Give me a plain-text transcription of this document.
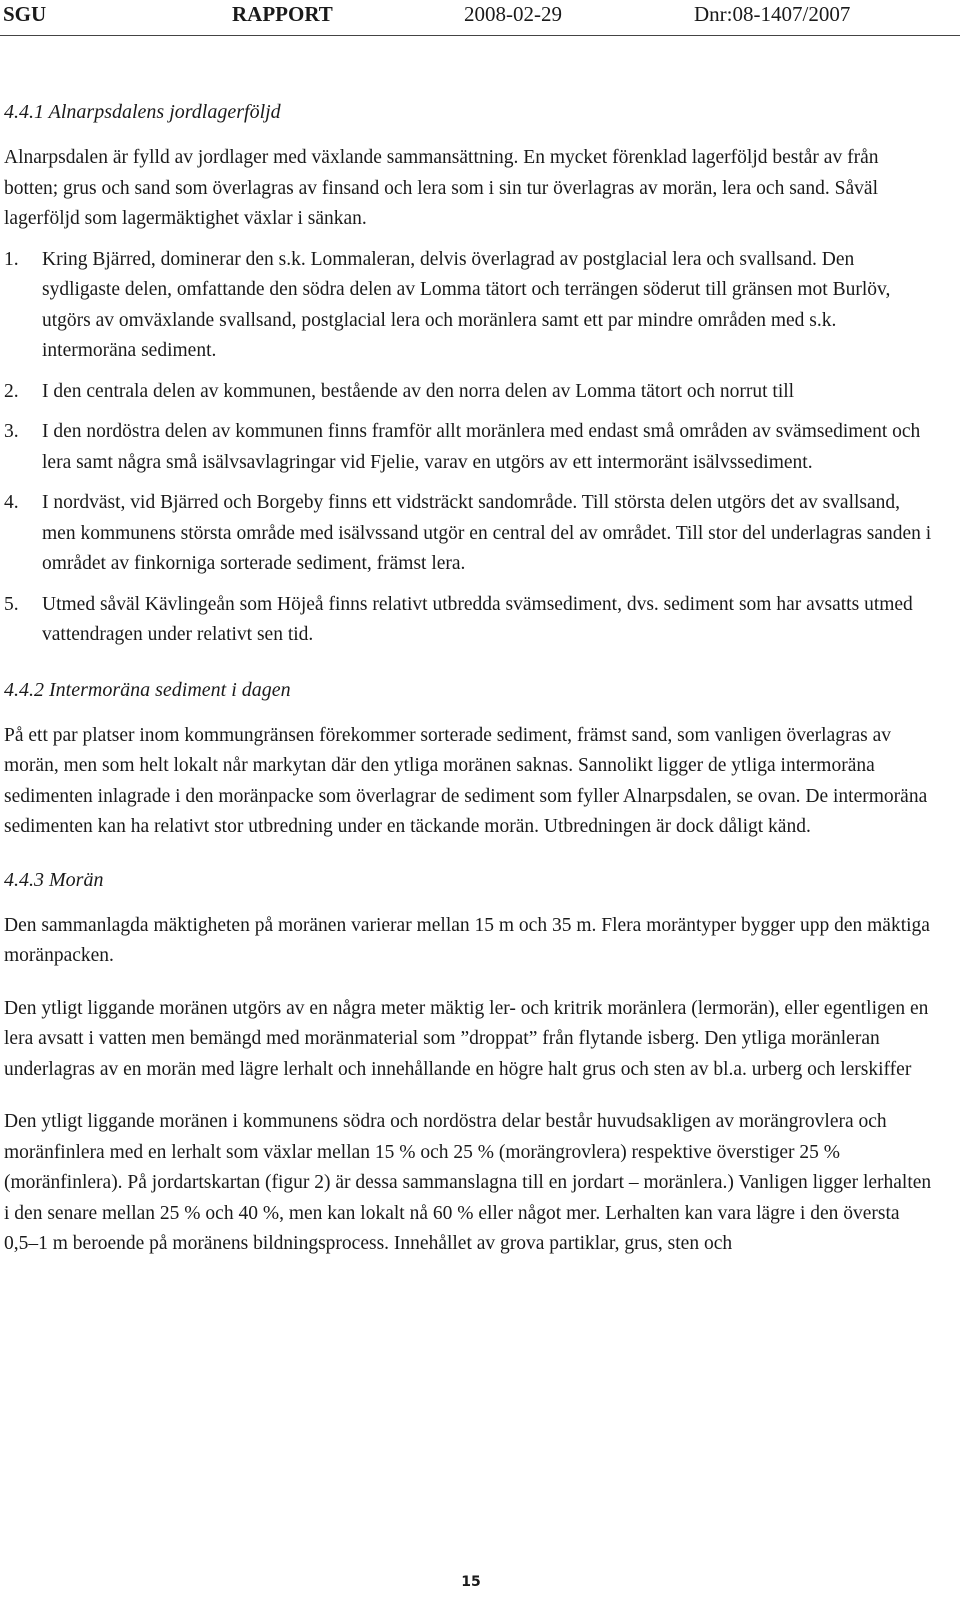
SGU	RAPPORT	2008-02-29	Dnr:08-1407/2007
4.4.1 Alnarpsdalens jordlagerföljd

Alnarpsdalen är fylld av jordlager med växlande sammansättning. En mycket förenklad lagerföljd består av från botten; grus och sand som överlagras av finsand och lera som i sin tur överlagras av morän, lera och sand. Såväl lagerföljd som lagermäktighet växlar i sänkan.

1. Kring Bjärred, dominerar den s.k. Lommaleran, delvis överlagrad av postglacial lera och svallsand. Den sydligaste delen, omfattande den södra delen av Lomma tätort och terrängen söderut till gränsen mot Burlöv, utgörs av omväxlande svallsand, postglacial lera och moränlera samt ett par mindre områden med s.k. intermoräna sediment.
2. I den centrala delen av kommunen, bestående av den norra delen av Lomma tätort och norrut till
3. I den nordöstra delen av kommunen finns framför allt moränlera med endast små områden av svämsediment och lera samt några små isälvsavlagringar vid Fjelie, varav en utgörs av ett intermoränt isälvssediment.
4. I nordväst, vid Bjärred och Borgeby finns ett vidsträckt sandområde. Till största delen utgörs det av svallsand, men kommunens största område med isälvssand utgör en central del av området. Till stor del underlagras sanden i området av finkorniga sorterade sediment, främst lera.
5. Utmed såväl Kävlingeån som Höjeå finns relativt utbredda svämsediment, dvs. sediment som har avsatts utmed vattendragen under relativt sen tid.
4.4.2 Intermoräna sediment i dagen

På ett par platser inom kommungränsen förekommer sorterade sediment, främst sand, som vanligen överlagras av morän, men som helt lokalt når markytan där den ytliga moränen saknas. Sannolikt ligger de ytliga intermoräna sedimenten inlagrade i den moränpacke som överlagrar de sediment som fyller Alnarpsdalen, se ovan. De intermoräna sedimenten kan ha relativt stor utbredning under en täckande morän. Utbredningen är dock dåligt känd.

4.4.3 Morän

Den sammanlagda mäktigheten på moränen varierar mellan 15 m och 35 m. Flera moräntyper bygger upp den mäktiga moränpacken.

Den ytligt liggande moränen utgörs av en några meter mäktig ler- och kritrik moränlera (lermorän), eller egentligen en lera avsatt i vatten men bemängd med moränmaterial som ”droppat” från flytande isberg. Den ytliga moränleran underlagras av en morän med lägre lerhalt och innehållande en högre halt grus och sten av bl.a. urberg och lerskiffer

Den ytligt liggande moränen i kommunens södra och nordöstra delar består huvudsakligen av morängrovlera och moränfinlera med en lerhalt som växlar mellan 15 % och 25 % (morängrovlera) respektive överstiger 25 % (moränfinlera). På jordartskartan (figur 2) är dessa sammanslagna till en jordart – moränlera.) Vanligen ligger lerhalten i den senare mellan 25 % och 40 %, men kan lokalt nå 60 % eller något mer. Lerhalten kan vara lägre i den översta 0,5–1 m beroende på moränens bildningsprocess. Innehållet av grova partiklar, grus, sten och

15
